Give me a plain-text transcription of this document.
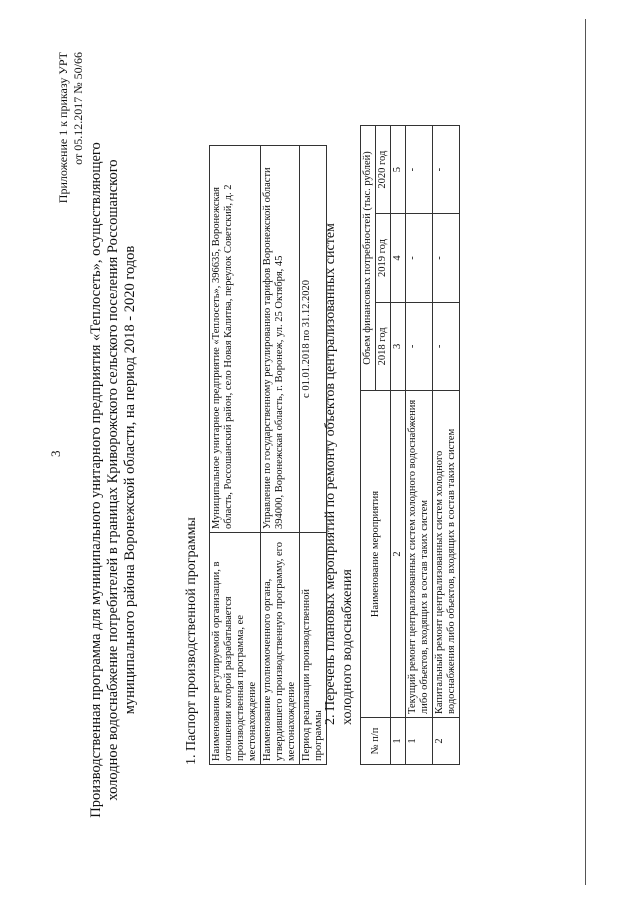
3
Приложение 1 к приказу УРТ от 05.12.2017 № 50/66
Производственная программа для муниципального унитарного предприятия «Теплосеть», осуществляющего холодное водоснабжение потребителей в границах Криворожского сельского поселения Россошанского муниципального района Воронежской области, на период 2018 - 2020 годов	1. Паспорт производственной программы Наименование регулируемой организации, в отношении которой разрабатывается производственная программа, ее местонахождение	Муниципальное унитарное предприятие «Теплосеть», 396635, Воронежская область, Россошанский район, село Новая Калитва, переулок Советский, д. 2
Наименование уполномоченного органа, утвердившего производственную программу, его местонахождение	Управление по государственному регулированию тарифов Воронежской области 394000, Воронежская область, г. Воронеж, ул. 25 Октября, 45
Период реализации производственной программы	с 01.01.2018 по 31.12.2020 2. Перечень плановых мероприятий по ремонту объектов централизованных систем холодного водоснабжения
№ п/п	Наименование мероприятия	Объем финансовых потребностей (тыс. рублей)		
		2018 год	2019 год	2020 год
1	2	3	4	5
1	Текущий ремонт централизованных систем холодного водоснабжения либо объектов, входящих в состав таких систем	-	-	-
2	Капитальный ремонт централизованных систем холодного водоснабжения либо объектов, входящих в состав таких систем	-	-	-
